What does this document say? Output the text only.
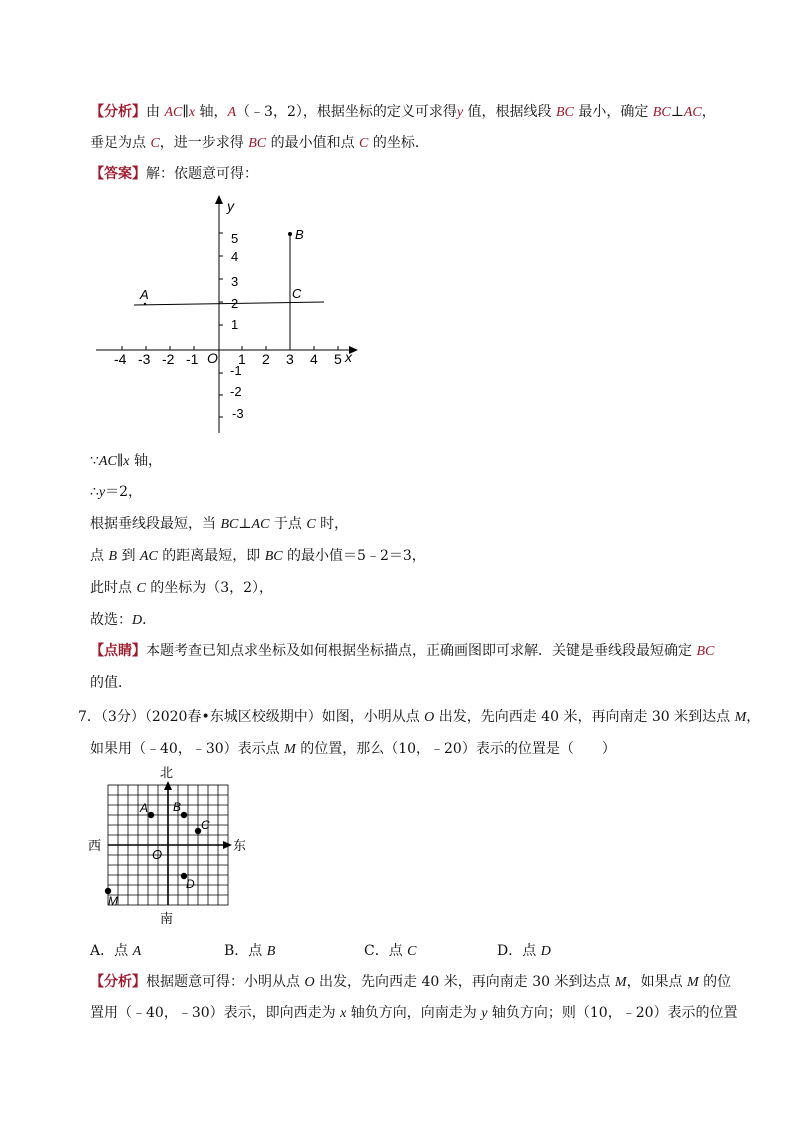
【分析】由 AC∥x 轴，A（﹣3，2），根据坐标的定义可求得y 值，根据线段 BC 最小，确定 BC⊥AC，
垂足为点 C，进一步求得 BC 的最小值和点 C 的坐标．
【答案】解：依题意可得：
y
x
O
-4 -3 -2 -1	1 2 3 4 5
5
4
3
1
-1
-2
-3
A
B
C
∵AC∥x 轴，
∴y＝2，
根据垂线段最短，当 BC⊥AC 于点 C 时，
点 B 到 AC 的距离最短，即 BC 的最小值＝5﹣2＝3，
此时点 C 的坐标为（3，2），
故选：D．
【点睛】本题考查已知点求坐标及如何根据坐标描点，正确画图即可求解．关键是垂线段最短确定 BC
的值．
7．（3分）（2020春•东城区校级期中）如图，小明从点 O 出发，先向西走 40 米，再向南走 30 米到达点 M，
如果用（﹣40，﹣30）表示点 M 的位置，那么（10，﹣20）表示的位置是（　　）
北
南
西	东
O
A B
C
D
M
A．点 A	B．点 B	C．点 C	D．点 D
【分析】根据题意可得：小明从点 O 出发，先向西走 40 米，再向南走 30 米到达点 M，如果点 M 的位
置用（﹣40，﹣30）表示，即向西走为 x 轴负方向，向南走为 y 轴负方向；则（10，﹣20）表示的位置
